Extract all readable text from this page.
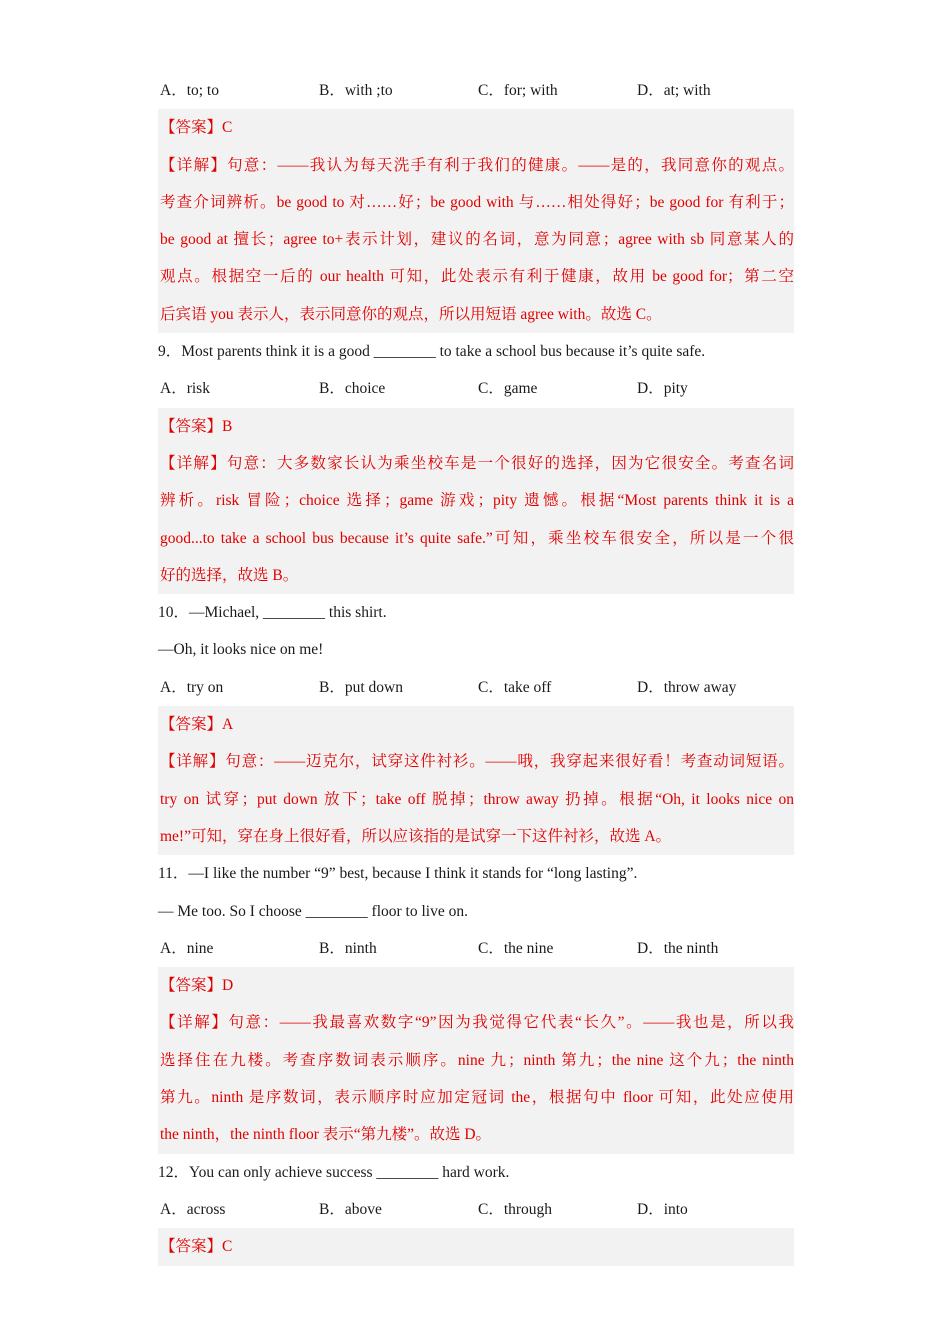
A．to; to	B．with ;to	C．for; with	D．at; with
【答案】C
【详解】句意：——我认为每天洗手有利于我们的健康。——是的，我同意你的观点。
考查介词辨析。be good to 对……好；be good with 与……相处得好；be good for 有利于；
be good at 擅长；agree to+表示计划，建议的名词，意为同意；agree with sb 同意某人的
观点。根据空一后的 our health 可知，此处表示有利于健康，故用 be good for；第二空
后宾语 you 表示人，表示同意你的观点，所以用短语 agree with。故选 C。
9．Most parents think it is a good ________ to take a school bus because it’s quite safe.
A．risk	B．choice	C．game	D．pity
【答案】B
【详解】句意：大多数家长认为乘坐校车是一个很好的选择，因为它很安全。考查名词
辨析。risk 冒险；choice 选择；game 游戏；pity 遗憾。根据“Most parents think it is a
good...to take a school bus because it’s quite safe.”可知，乘坐校车很安全，所以是一个很
好的选择，故选 B。
10．—Michael, ________ this shirt.
—Oh, it looks nice on me!
A．try on	B．put down	C．take off	D．throw away
【答案】A
【详解】句意：——迈克尔，试穿这件衬衫。——哦，我穿起来很好看！考查动词短语。
try on 试穿；put down 放下；take off 脱掉；throw away 扔掉。根据“Oh, it looks nice on
me!”可知，穿在身上很好看，所以应该指的是试穿一下这件衬衫，故选 A。
11．—I like the number “9” best, because I think it stands for “long lasting”.
— Me too. So I choose ________ floor to live on.
A．nine	B．ninth	C．the nine	D．the ninth
【答案】D
【详解】句意：——我最喜欢数字“9”因为我觉得它代表“长久”。——我也是，所以我
选择住在九楼。考查序数词表示顺序。nine 九；ninth 第九；the nine 这个九；the ninth
第九。ninth 是序数词，表示顺序时应加定冠词 the，根据句中 floor 可知，此处应使用
the ninth，the ninth floor 表示“第九楼”。故选 D。
12．You can only achieve success ________ hard work.
A．across	B．above	C．through	D．into
【答案】C
